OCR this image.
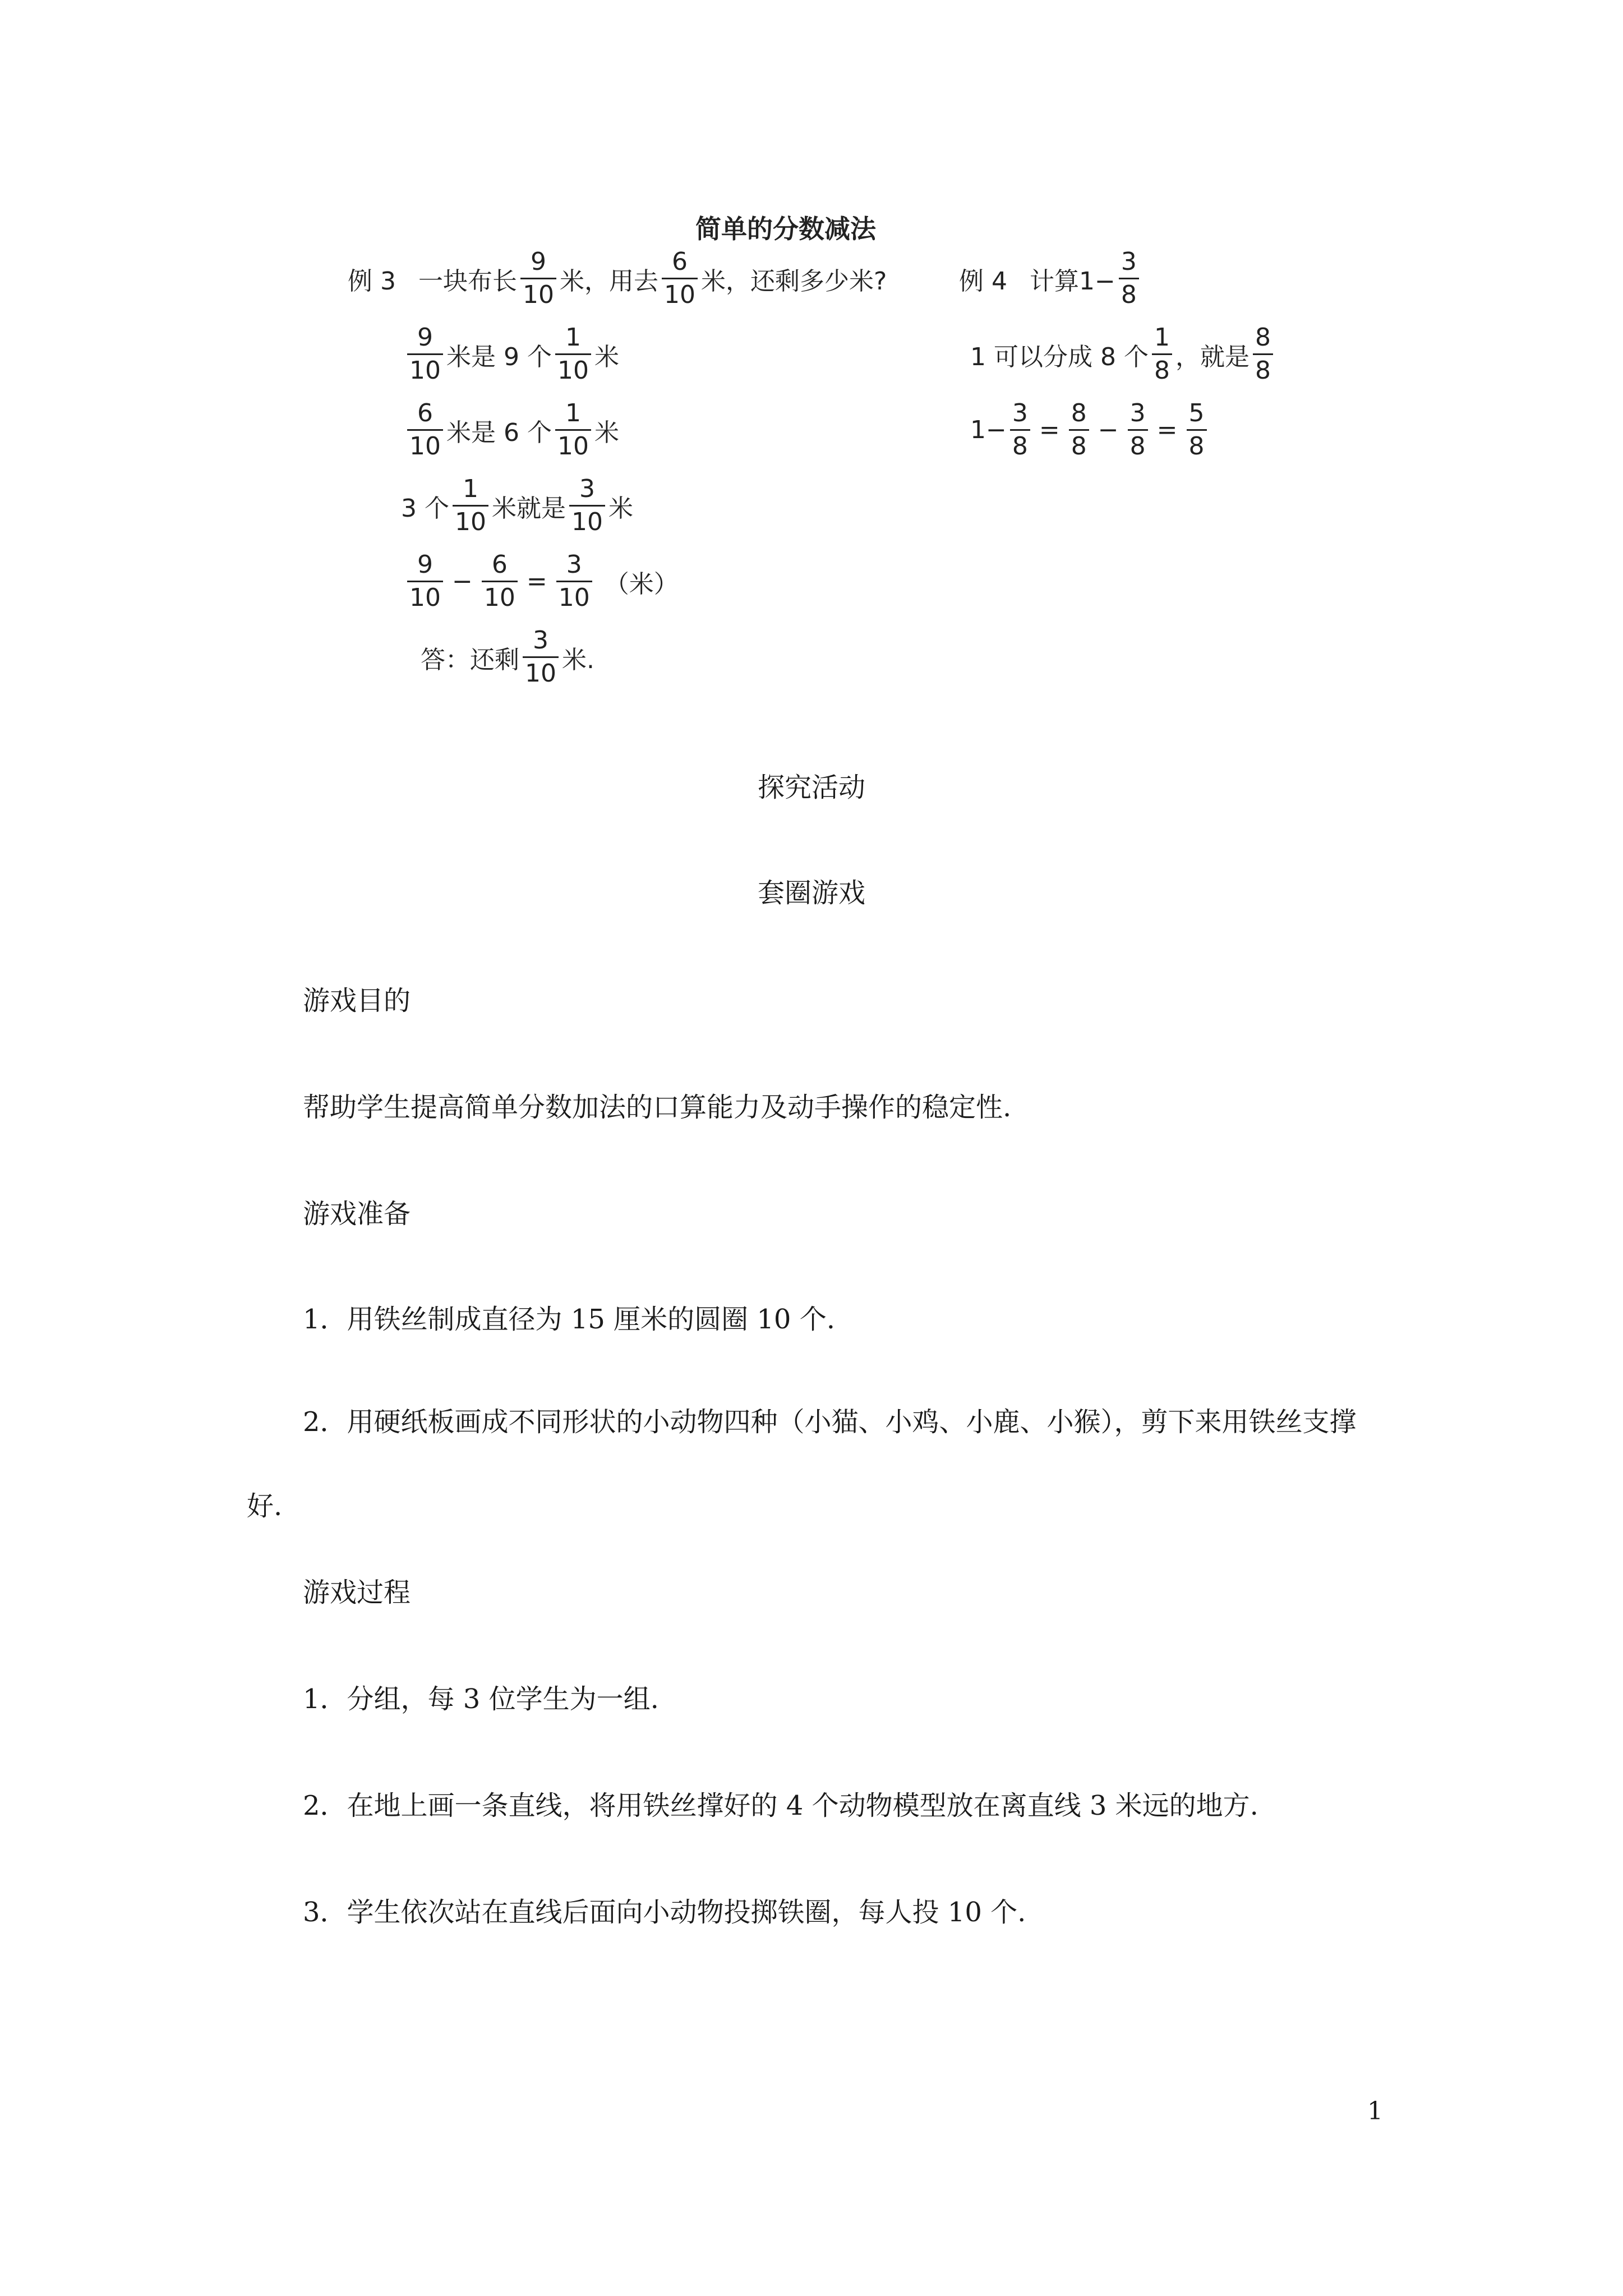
简单的分数减法
例 3 一块布长 $\frac{9}{10}$ 米，用去 $\frac{6}{10}$ 米，还剩多少米?	例 4 计算$1- \frac{3}{8}$
$\frac{9}{10}$ 米是 9 个 $\frac{1}{10}$ 米	1 可以分成 8 个 $\frac{1}{8}$ ，就是 $\frac{8}{8}$
$\frac{6}{10}$ 米是 6 个 $\frac{1}{10}$ 米	$1- \frac{3}{8} = \frac{8}{8} - \frac{3}{8} = \frac{5}{8}$
3 个 $\frac{1}{10}$ 米就是 $\frac{3}{10}$ 米
$\frac{9}{10} - \frac{6}{10} = \frac{3}{10}$ （米）
答：还剩 $\frac{3}{10}$ 米.
探究活动
套圈游戏
游戏目的
帮助学生提高简单分数加法的口算能力及动手操作的稳定性.
游戏准备
1．用铁丝制成直径为 15 厘米的圆圈 10 个.
2．用硬纸板画成不同形状的小动物四种（小猫、小鸡、小鹿、小猴），剪下来用铁丝支撑好.
游戏过程
1．分组，每 3 位学生为一组.
2．在地上画一条直线，将用铁丝撑好的 4 个动物模型放在离直线 3 米远的地方.
3．学生依次站在直线后面向小动物投掷铁圈，每人投 10 个.
1
